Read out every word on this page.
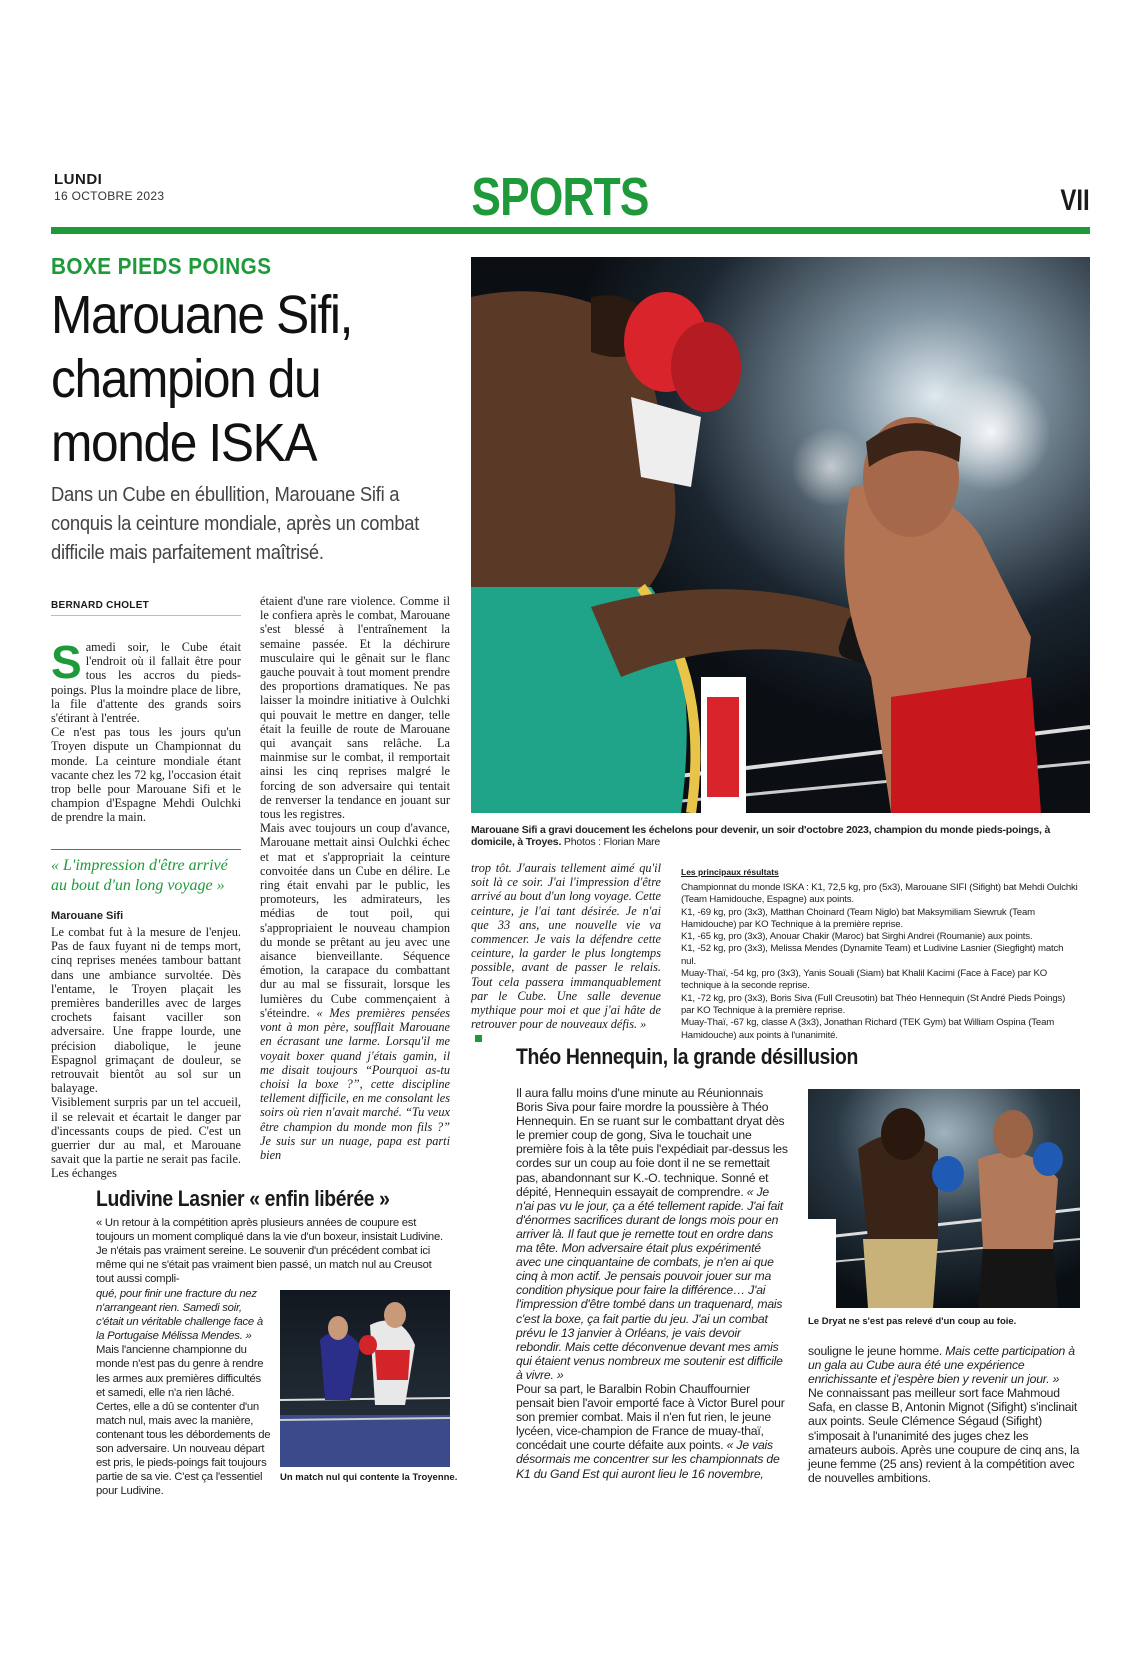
LUNDI
16 OCTOBRE 2023	SPORTS	VII
BOXE PIEDS POINGS
Marouane Sifi, champion du monde ISKA
Dans un Cube en ébullition, Marouane Sifi a conquis la ceinture mondiale, après un combat difficile mais parfaitement maîtrisé.
BERNARD CHOLET

Samedi soir, le Cube était l'endroit où il fallait être pour tous les accros du pieds-poings. Plus la moindre place de libre, la file d'attente des grands soirs s'étirant à l'entrée.

Ce n'est pas tous les jours qu'un Troyen dispute un Championnat du monde. La ceinture mondiale étant vacante chez les 72 kg, l'occasion était trop belle pour Marouane Sifi et le champion d'Espagne Mehdi Oulchki de prendre la main.

« L'impression d'être arrivé au bout d'un long voyage »
Marouane Sifi

Le combat fut à la mesure de l'enjeu. Pas de faux fuyant ni de temps mort, cinq reprises menées tambour battant dans une ambiance survoltée. Dès l'entame, le Troyen plaçait les premières banderilles avec de larges crochets faisant vaciller son adversaire. Une frappe lourde, une précision diabolique, le jeune Espagnol grimaçant de douleur, se retrouvait bientôt au sol sur un balayage.

Visiblement surpris par un tel accueil, il se relevait et écartait le danger par d'incessants coups de pied. C'est un guerrier dur au mal, et Marouane savait que la partie ne serait pas facile. Les échanges

étaient d'une rare violence. Comme il le confiera après le combat, Marouane s'est blessé à l'entraînement la semaine passée. Et la déchirure musculaire qui le gênait sur le flanc gauche pouvait à tout moment prendre des proportions dramatiques. Ne pas laisser la moindre initiative à Oulchki qui pouvait le mettre en danger, telle était la feuille de route de Marouane qui avançait sans relâche. La mainmise sur le combat, il remportait ainsi les cinq reprises malgré le forcing de son adversaire qui tentait de renverser la tendance en jouant sur tous les registres.

Mais avec toujours un coup d'avance, Marouane mettait ainsi Oulchki échec et mat et s'appropriait la ceinture convoitée dans un Cube en délire. Le ring était envahi par le public, les promoteurs, les admirateurs, les médias de tout poil, qui s'appropriaient le nouveau champion du monde se prêtant au jeu avec une aisance bienveillante. Séquence émotion, la carapace du combattant dur au mal se fissurait, lorsque les lumières du Cube commençaient à s'éteindre. « Mes premières pensées vont à mon père, soufflait Marouane en écrasant une larme. Lorsqu'il me voyait boxer quand j'étais gamin, il me disait toujours “Pourquoi as-tu choisi la boxe ?”, cette discipline tellement difficile, en me consolant les soirs où rien n'avait marché. “Tu veux être champion du monde mon fils ?” Je suis sur un nuage, papa est parti bien

Marouane Sifi a gravi doucement les échelons pour devenir, un soir d'octobre 2023, champion du monde pieds-poings, à domicile, à Troyes. Photos : Florian Mare

trop tôt. J'aurais tellement aimé qu'il soit là ce soir. J'ai l'impression d'être arrivé au bout d'un long voyage. Cette ceinture, je l'ai tant désirée. Je n'ai que 33 ans, une nouvelle vie va commencer. Je vais la défendre cette ceinture, la garder le plus longtemps possible, avant de passer le relais. Tout cela passera immanquablement par le Cube. Une salle devenue mythique pour moi et que j'ai hâte de retrouver pour de nouveaux défis. »

Les principaux résultats
Championnat du monde ISKA : K1, 72,5 kg, pro (5x3), Marouane SIFI (Sifight) bat Mehdi Oulchki (Team Hamidouche, Espagne) aux points.
K1, -69 kg, pro (3x3), Matthan Choinard (Team Niglo) bat Maksymiliam Siewruk (Team Hamidouche) par KO Technique à la première reprise.
K1, -65 kg, pro (3x3), Anouar Chakir (Maroc) bat Sirghi Andrei (Roumanie) aux points.
K1, -52 kg, pro (3x3), Melissa Mendes (Dynamite Team) et Ludivine Lasnier (Siegfight) match nul.
Muay-Thaï, -54 kg, pro (3x3), Yanis Souali (Siam) bat Khalil Kacimi (Face à Face) par KO technique à la seconde reprise.
K1, -72 kg, pro (3x3), Boris Siva (Full Creusotin) bat Théo Hennequin (St André Pieds Poings) par KO Technique à la première reprise.
Muay-Thaï, -67 kg, classe A (3x3), Jonathan Richard (TEK Gym) bat William Ospina (Team Hamidouche) aux points à l'unanimité.
Théo Hennequin, la grande désillusion
Il aura fallu moins d'une minute au Réunionnais Boris Siva pour faire mordre la poussière à Théo Hennequin. En se ruant sur le combattant dryat dès le premier coup de gong, Siva le touchait une première fois à la tête puis l'expédiait par-dessus les cordes sur un coup au foie dont il ne se remettait pas, abandonnant sur K.-O. technique. Sonné et dépité, Hennequin essayait de comprendre. « Je n'ai pas vu le jour, ça a été tellement rapide. J'ai fait d'énormes sacrifices durant de longs mois pour en arriver là. Il faut que je remette tout en ordre dans ma tête. Mon adversaire était plus expérimenté avec une cinquantaine de combats, je n'en ai que cinq à mon actif. Je pensais pouvoir jouer sur ma condition physique pour faire la différence… J'ai l'impression d'être tombé dans un traquenard, mais c'est la boxe, ça fait partie du jeu. J'ai un combat prévu le 13 janvier à Orléans, je vais devoir rebondir. Mais cette déconvenue devant mes amis qui étaient venus nombreux me soutenir est difficile à vivre. »
Pour sa part, le Baralbin Robin Chauffournier pensait bien l'avoir emporté face à Victor Burel pour son premier combat. Mais il n'en fut rien, le jeune lycéen, vice-champion de France de muay-thaï, concédait une courte défaite aux points. « Je vais désormais me concentrer sur les championnats de K1 du Gand Est qui auront lieu le 16 novembre,
Le Dryat ne s'est pas relevé d'un coup au foie.
souligne le jeune homme. Mais cette participation à un gala au Cube aura été une expérience enrichissante et j'espère bien y revenir un jour. »
Ne connaissant pas meilleur sort face Mahmoud Safa, en classe B, Antonin Mignot (Sifight) s'inclinait aux points. Seule Clémence Ségaud (Sifight) s'imposait à l'unanimité des juges chez les amateurs aubois. Après une coupure de cinq ans, la jeune femme (25 ans) revient à la compétition avec de nouvelles ambitions.
Ludivine Lasnier « enfin libérée »
« Un retour à la compétition après plusieurs années de coupure est toujours un moment compliqué dans la vie d'un boxeur, insistait Ludivine. Je n'étais pas vraiment sereine. Le souvenir d'un précédent combat ici même qui ne s'était pas vraiment bien passé, un match nul au Creusot tout aussi compli-
qué, pour finir une fracture du nez n'arrangeant rien. Samedi soir, c'était un véritable challenge face à la Portugaise Mélissa Mendes. »
Mais l'ancienne championne du monde n'est pas du genre à rendre les armes aux premières difficultés et samedi, elle n'a rien lâché. Certes, elle a dû se contenter d'un match nul, mais avec la manière, contenant tous les débordements de son adversaire. Un nouveau départ est pris, le pieds-poings fait toujours partie de sa vie. C'est ça l'essentiel pour Ludivine.
Un match nul qui contente la Troyenne.
